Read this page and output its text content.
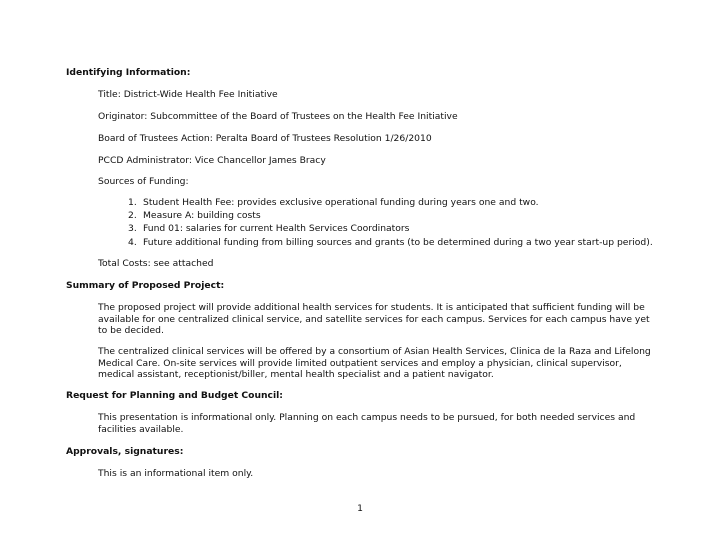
Identifying Information:
Title: District-Wide Health Fee Initiative
Originator: Subcommittee of the Board of Trustees on the Health Fee Initiative
Board of Trustees Action: Peralta Board of Trustees Resolution 1/26/2010
PCCD Administrator: Vice Chancellor James Bracy
Sources of Funding:
1. Student Health Fee: provides exclusive operational funding during years one and two.
2. Measure A: building costs
3. Fund 01: salaries for current Health Services Coordinators
4. Future additional funding from billing sources and grants (to be determined during a two year start-up period).
Total Costs: see attached
Summary of Proposed Project:
The proposed project will provide additional health services for students. It is anticipated that sufficient funding will be available for one centralized clinical service, and satellite services for each campus. Services for each campus have yet to be decided.
The centralized clinical services will be offered by a consortium of Asian Health Services, Clinica de la Raza and Lifelong Medical Care. On-site services will provide limited outpatient services and employ a physician, clinical supervisor, medical assistant, receptionist/biller, mental health specialist and a patient navigator.
Request for Planning and Budget Council:
This presentation is informational only. Planning on each campus needs to be pursued, for both needed services and facilities available.
Approvals, signatures:
This is an informational item only.
1
